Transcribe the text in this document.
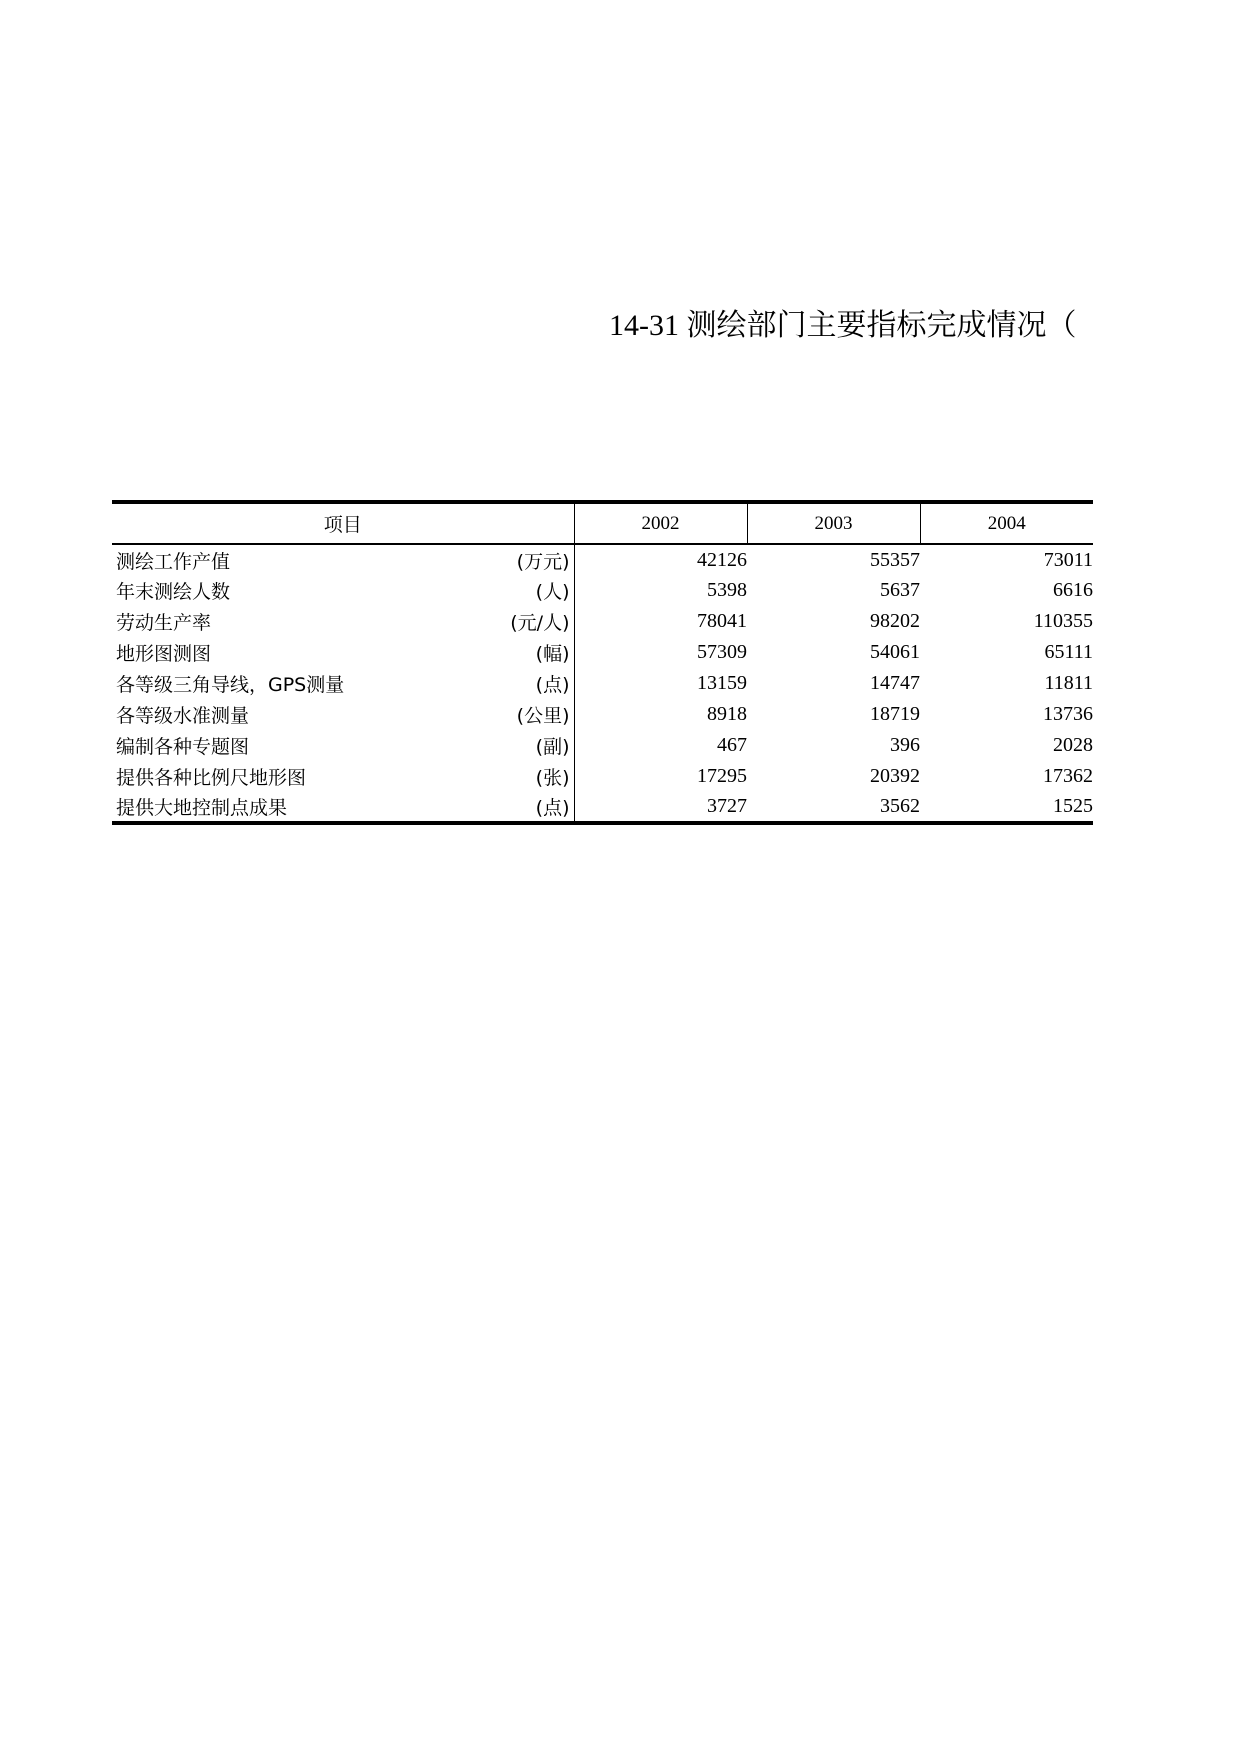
14-31 测绘部门主要指标完成情况（
项目	2002	2003	2004

测绘工作产值 (万元)	42126	55357	73011

年末测绘人数 (人)	5398	5637	6616

劳动生产率 (元/人)	78041	98202	110355

地形图测图 (幅)	57309	54061	65111

各等级三角导线，GPS测量 (点)	13159	14747	11811

各等级水准测量 (公里)	8918	18719	13736

编制各种专题图 (副)	467	396	2028

提供各种比例尺地形图 (张)	17295	20392	17362

提供大地控制点成果 (点)	3727	3562	1525
